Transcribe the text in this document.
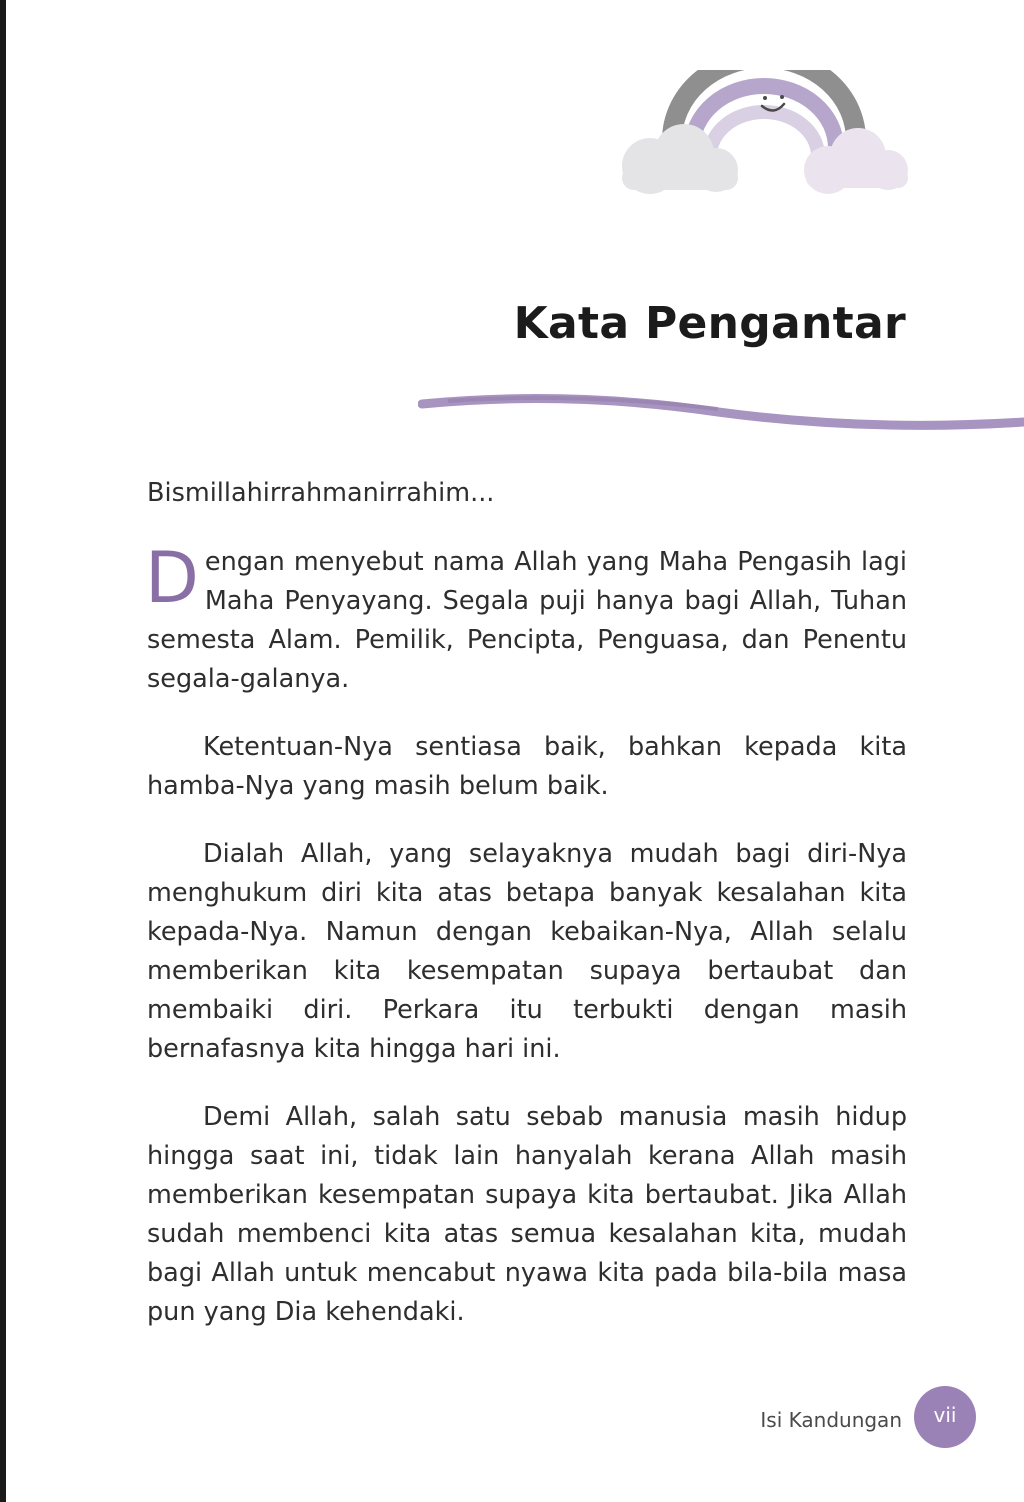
Kata Pengantar

Bismillahirrahmanirrahim...

Dengan menyebut nama Allah yang Maha Pengasih lagi Maha Penyayang. Segala puji hanya bagi Allah, Tuhan semesta Alam. Pemilik, Pencipta, Penguasa, dan Penentu segala-galanya.

Ketentuan-Nya sentiasa baik, bahkan kepada kita hamba-Nya yang masih belum baik.

Dialah Allah, yang selayaknya mudah bagi diri-Nya menghukum diri kita atas betapa banyak kesalahan kita kepada-Nya. Namun dengan kebaikan-Nya, Allah selalu memberikan kita kesempatan supaya bertaubat dan membaiki diri. Perkara itu terbukti dengan masih bernafasnya kita hingga hari ini.

Demi Allah, salah satu sebab manusia masih hidup hingga saat ini, tidak lain hanyalah kerana Allah masih memberikan kesempatan supaya kita bertaubat. Jika Allah sudah membenci kita atas semua kesalahan kita, mudah bagi Allah untuk mencabut nyawa kita pada bila-bila masa pun yang Dia kehendaki.

Isi Kandungan	vii
